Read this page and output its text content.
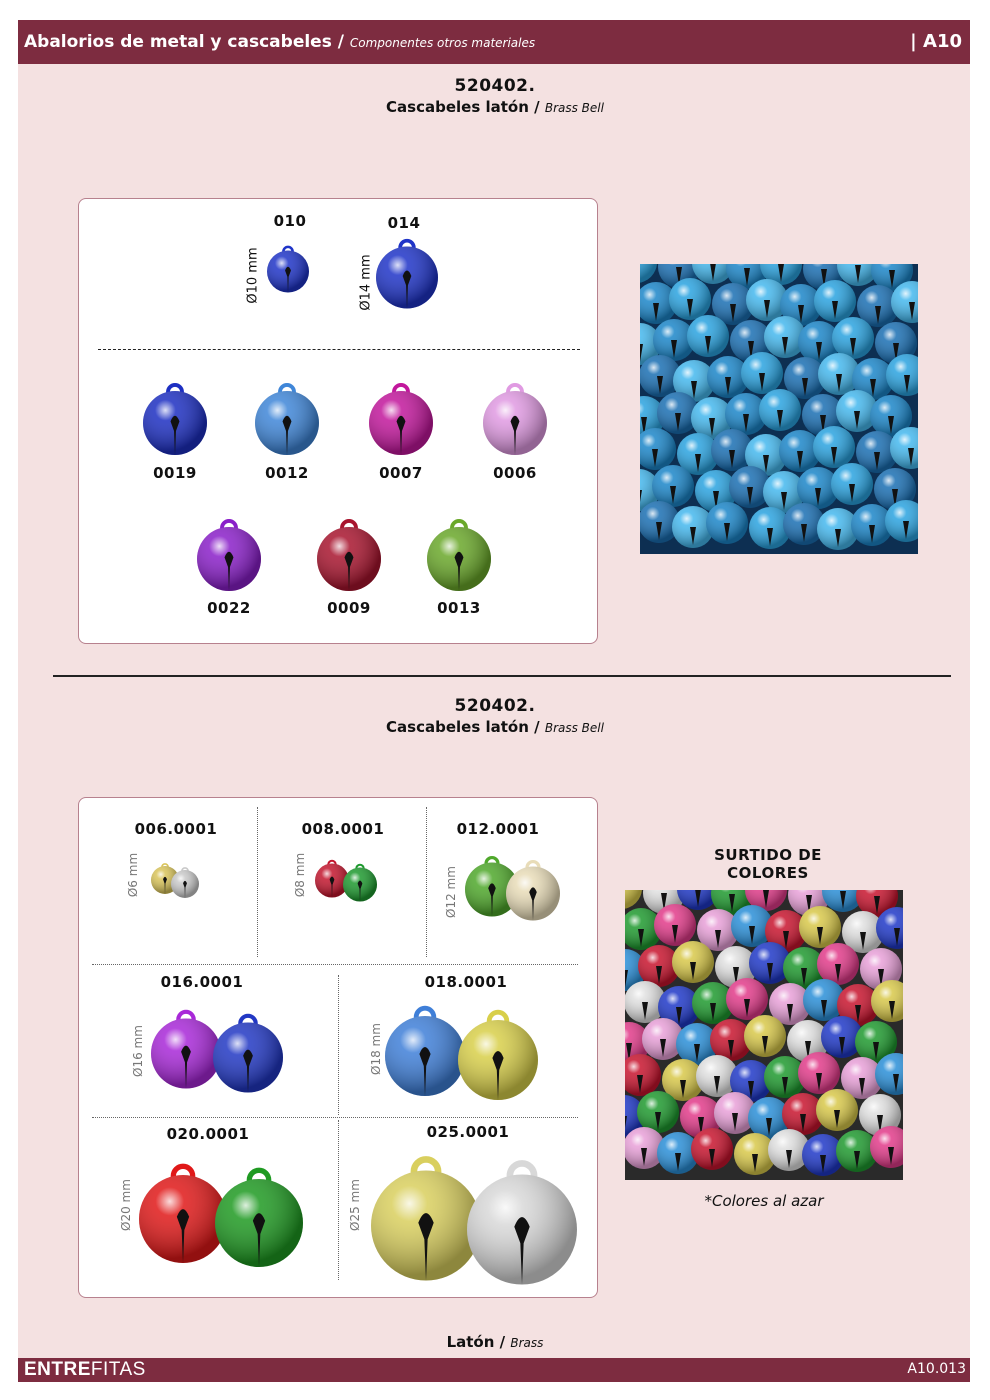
Abalorios de metal y cascabeles / Componentes otros materiales	| A10
520402.
Cascabeles latón / Brass Bell
010
Ø10 mm
014
Ø14 mm
0019	0012	0007	0006
0022	0009	0013
520402.
Cascabeles latón / Brass Bell
006.0001
Ø6 mm
008.0001
Ø8 mm
012.0001
Ø12 mm
016.0001
Ø16 mm
018.0001
Ø18 mm
020.0001
Ø20 mm
025.0001
Ø25 mm
SURTIDO DE
COLORES
*Colores al azar
Latón / Brass
ENTREFITAS	A10.013
